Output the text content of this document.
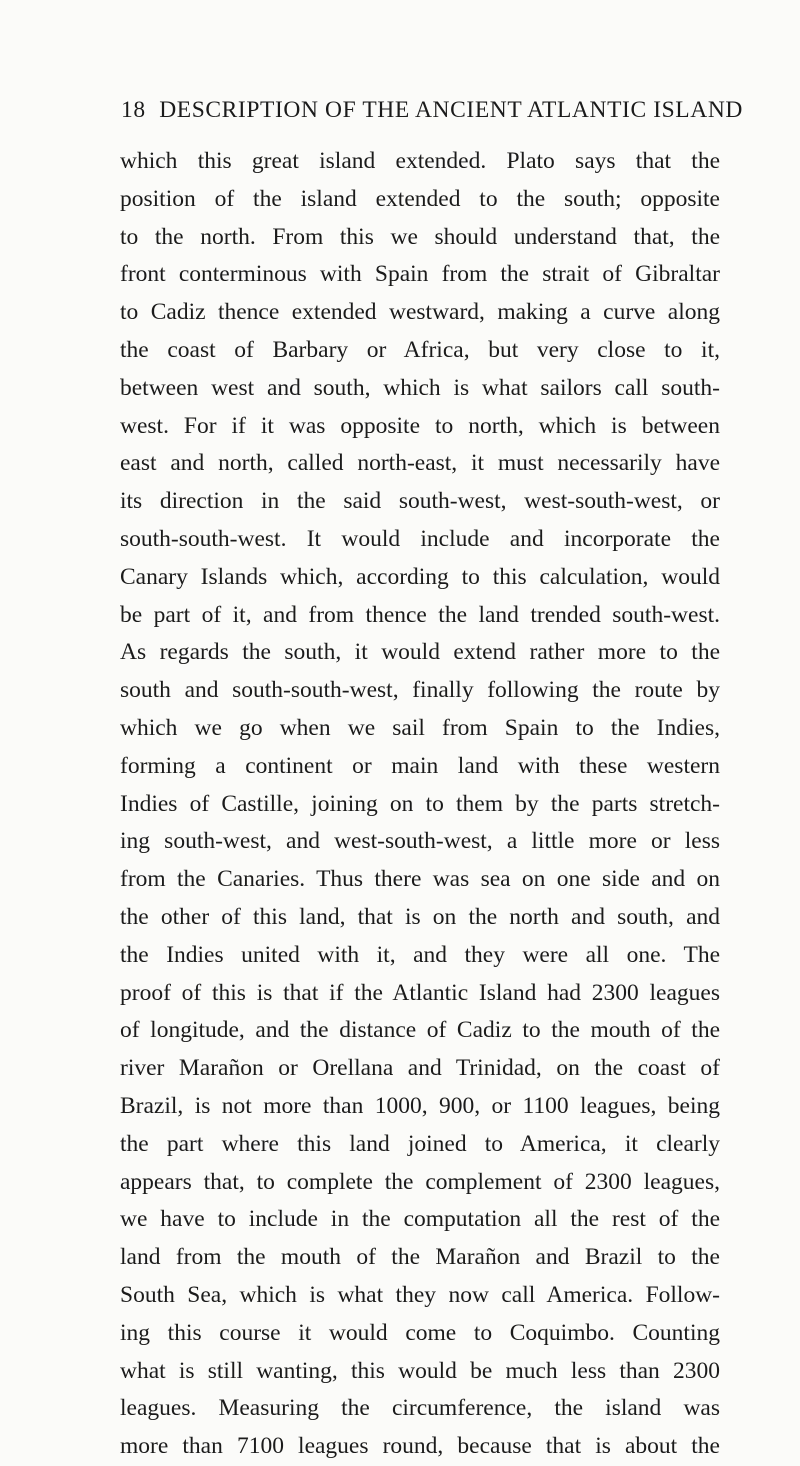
18 DESCRIPTION OF THE ANCIENT ATLANTIC ISLAND
which this great island extended. Plato says that the
position of the island extended to the south; opposite
to the north. From this we should understand that, the
front conterminous with Spain from the strait of Gibraltar
to Cadiz thence extended westward, making a curve along
the coast of Barbary or Africa, but very close to it,
between west and south, which is what sailors call south-
west. For if it was opposite to north, which is between
east and north, called north-east, it must necessarily have
its direction in the said south-west, west-south-west, or
south-south-west. It would include and incorporate the
Canary Islands which, according to this calculation, would
be part of it, and from thence the land trended south-west.
As regards the south, it would extend rather more to the
south and south-south-west, finally following the route by
which we go when we sail from Spain to the Indies,
forming a continent or main land with these western
Indies of Castille, joining on to them by the parts stretch-
ing south-west, and west-south-west, a little more or less
from the Canaries. Thus there was sea on one side and on
the other of this land, that is on the north and south, and
the Indies united with it, and they were all one. The
proof of this is that if the Atlantic Island had 2300 leagues
of longitude, and the distance of Cadiz to the mouth of the
river Marañon or Orellana and Trinidad, on the coast of
Brazil, is not more than 1000, 900, or 1100 leagues, being
the part where this land joined to America, it clearly
appears that, to complete the complement of 2300 leagues,
we have to include in the computation all the rest of the
land from the mouth of the Marañon and Brazil to the
South Sea, which is what they now call America. Follow-
ing this course it would come to Coquimbo. Counting
what is still wanting, this would be much less than 2300
leagues. Measuring the circumference, the island was
more than 7100 leagues round, because that is about the
